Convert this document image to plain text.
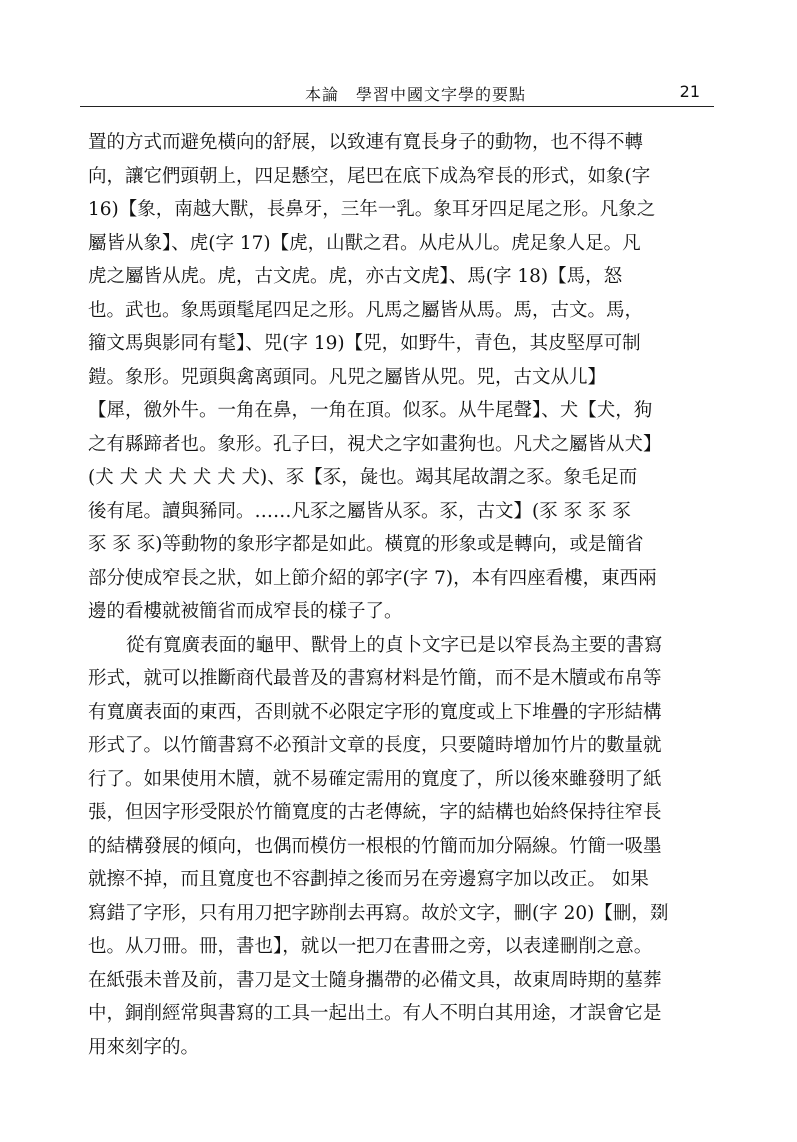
本論　學習中國文字學的要點	21
置的方式而避免橫向的舒展，以致連有寬長身子的動物，也不得不轉
向，讓它們頭朝上，四足懸空，尾巴在底下成為窄長的形式，如象(字
16)【象，南越大獸，長鼻牙，三年一乳。象耳牙四足尾之形。凡象之
屬皆从象】、虎(字 17)【虎，山獸之君。从虍从儿。虎足象人足。凡
虎之屬皆从虎。虎，古文虎。虎，亦古文虎】、馬(字 18)【馬，怒
也。武也。象馬頭髦尾四足之形。凡馬之屬皆从馬。馬，古文。馬，
籀文馬與影同有髦】、兕(字 19)【兕，如野牛，青色，其皮堅厚可制
鎧。象形。兕頭與禽离頭同。凡兕之屬皆从兕。兕，古文从儿】
【犀，徼外牛。一角在鼻，一角在頂。似豕。从牛尾聲】、犬【犬，狗
之有縣蹄者也。象形。孔子曰，視犬之字如畫狗也。凡犬之屬皆从犬】
(犬 犬 犬 犬 犬 犬 犬)、豕【豕，彘也。竭其尾故謂之豕。象毛足而
後有尾。讀與豨同。……凡豕之屬皆从豕。豕，古文】(豕 豕 豕 豕
豕 豕 豕)等動物的象形字都是如此。橫寬的形象或是轉向，或是簡省
部分使成窄長之狀，如上節介紹的郭字(字 7)，本有四座看樓，東西兩
邊的看樓就被簡省而成窄長的樣子了。
從有寬廣表面的龜甲、獸骨上的貞卜文字已是以窄長為主要的書寫
形式，就可以推斷商代最普及的書寫材料是竹簡，而不是木牘或布帛等
有寬廣表面的東西，否則就不必限定字形的寬度或上下堆疊的字形結構
形式了。以竹簡書寫不必預計文章的長度，只要隨時增加竹片的數量就
行了。如果使用木牘，就不易確定需用的寬度了，所以後來雖發明了紙
張，但因字形受限於竹簡寬度的古老傳統，字的結構也始終保持往窄長
的結構發展的傾向，也偶而模仿一根根的竹簡而加分隔線。竹簡一吸墨
就擦不掉，而且寬度也不容劃掉之後而另在旁邊寫字加以改正。 如果
寫錯了字形，只有用刀把字跡削去再寫。故於文字，刪(字 20)【刪，剟
也。从刀冊。冊，書也】，就以一把刀在書冊之旁，以表達刪削之意。
在紙張未普及前，書刀是文士隨身攜帶的必備文具，故東周時期的墓葬
中，銅削經常與書寫的工具一起出土。有人不明白其用途，才誤會它是
用來刻字的。
